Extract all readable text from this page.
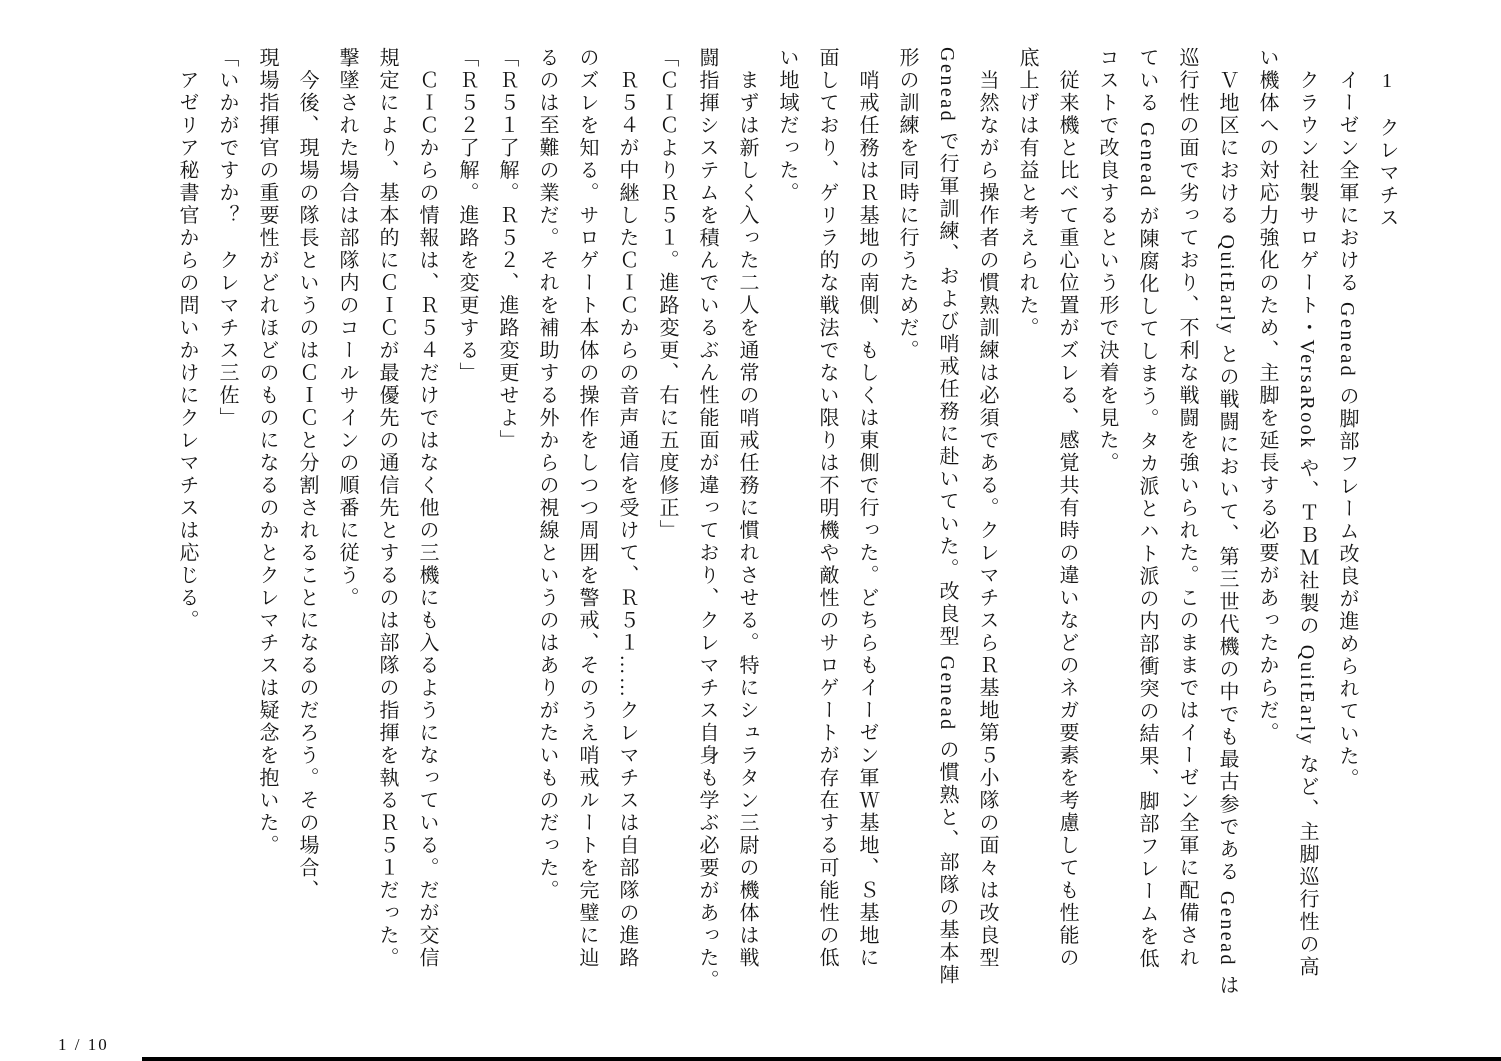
1　クレマチス

　イーゼン全軍における Genead の脚部フレーム改良が進められていた。

　クラウン社製サロゲート・VersaRook や、ＴＢＭ社製の QuitEarly など、主脚巡行性の高

い機体への対応力強化のため、主脚を延長する必要があったからだ。

　Ｖ地区における QuitEarly との戦闘において、第三世代機の中でも最古参である Genead は

巡行性の面で劣っており、不利な戦闘を強いられた。このままではイーゼン全軍に配備され

ている Genead が陳腐化してしまう。タカ派とハト派の内部衝突の結果、脚部フレームを低

コストで改良するという形で決着を見た。

　従来機と比べて重心位置がズレる、感覚共有時の違いなどのネガ要素を考慮しても性能の

底上げは有益と考えられた。

　当然ながら操作者の慣熟訓練は必須である。クレマチスらＲ基地第５小隊の面々は改良型

Genead で行軍訓練、および哨戒任務に赴いていた。改良型 Genead の慣熟と、部隊の基本陣

形の訓練を同時に行うためだ。

　哨戒任務はＲ基地の南側、もしくは東側で行った。どちらもイーゼン軍Ｗ基地、Ｓ基地に

面しており、ゲリラ的な戦法でない限りは不明機や敵性のサロゲートが存在する可能性の低

い地域だった。

　まずは新しく入った二人を通常の哨戒任務に慣れさせる。特にシュラタン三尉の機体は戦

闘指揮システムを積んでいるぶん性能面が違っており、クレマチス自身も学ぶ必要があった。

「ＣＩＣよりＲ５１。進路変更、右に五度修正」

　Ｒ５４が中継したＣＩＣからの音声通信を受けて、Ｒ５１……クレマチスは自部隊の進路

のズレを知る。サロゲート本体の操作をしつつ周囲を警戒、そのうえ哨戒ルートを完璧に辿

るのは至難の業だ。それを補助する外からの視線というのはありがたいものだった。

「Ｒ５１了解。Ｒ５２、進路変更せよ」

「Ｒ５２了解。進路を変更する」

　ＣＩＣからの情報は、Ｒ５４だけではなく他の三機にも入るようになっている。だが交信

規定により、基本的にＣＩＣが最優先の通信先とするのは部隊の指揮を執るＲ５１だった。

撃墜された場合は部隊内のコールサインの順番に従う。

　今後、現場の隊長というのはＣＩＣと分割されることになるのだろう。その場合、

現場指揮官の重要性がどれほどのものになるのかとクレマチスは疑念を抱いた。

「いかがですか？　クレマチス三佐」

　アゼリア秘書官からの問いかけにクレマチスは応じる。

1 / 10
